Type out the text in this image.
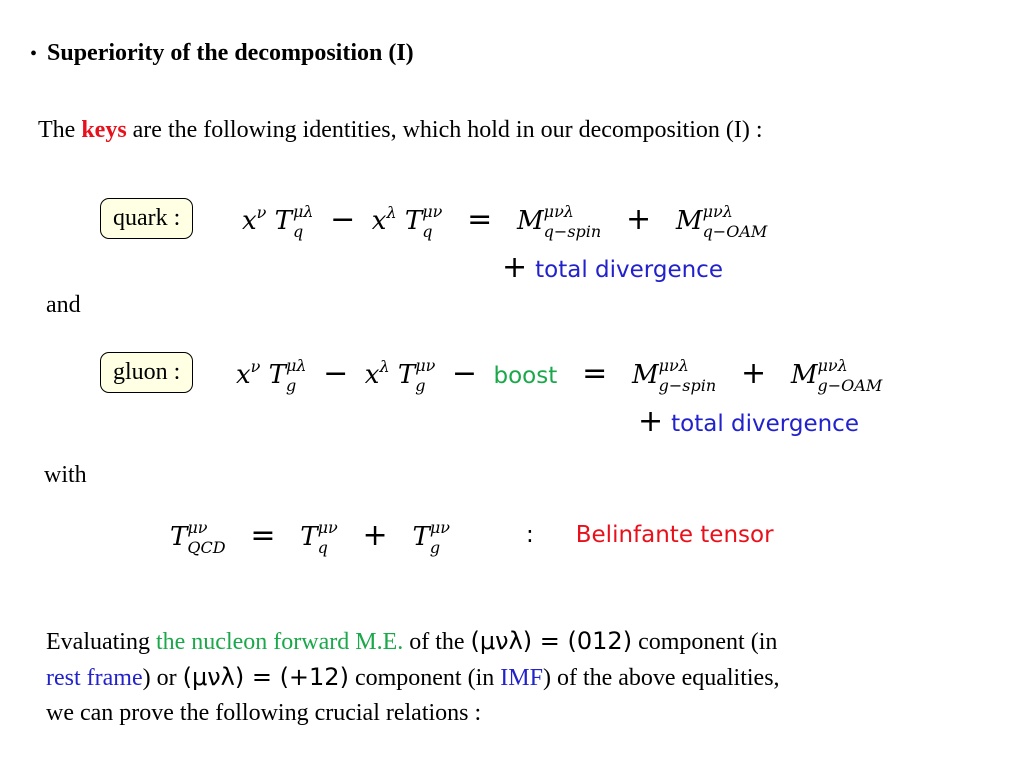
• Superiority of the decomposition (I)
The keys are the following identities, which hold in our decomposition (I) :
quark :	$x^\nu$ T μλ
$q - x^\lambda$ T μν
q	=   M μνλ
q−spin +   M μνλ
q−OAM
+ total divergence
and
gluon :	$x^\nu$ T μλ
$g - x^\lambda$ T μν
g − boost =   M μνλ
g−spin +   M μνλ
g−OAM
+ total divergence
with
T μν
QCD =   T μν
q	+   T μν
g	: Belinfante tensor
Evaluating the nucleon forward M.E. of the (μνλ) = (012) component (in
rest frame) or (μνλ) = (+12) component (in IMF) of the above equalities,
we can prove the following crucial relations :
